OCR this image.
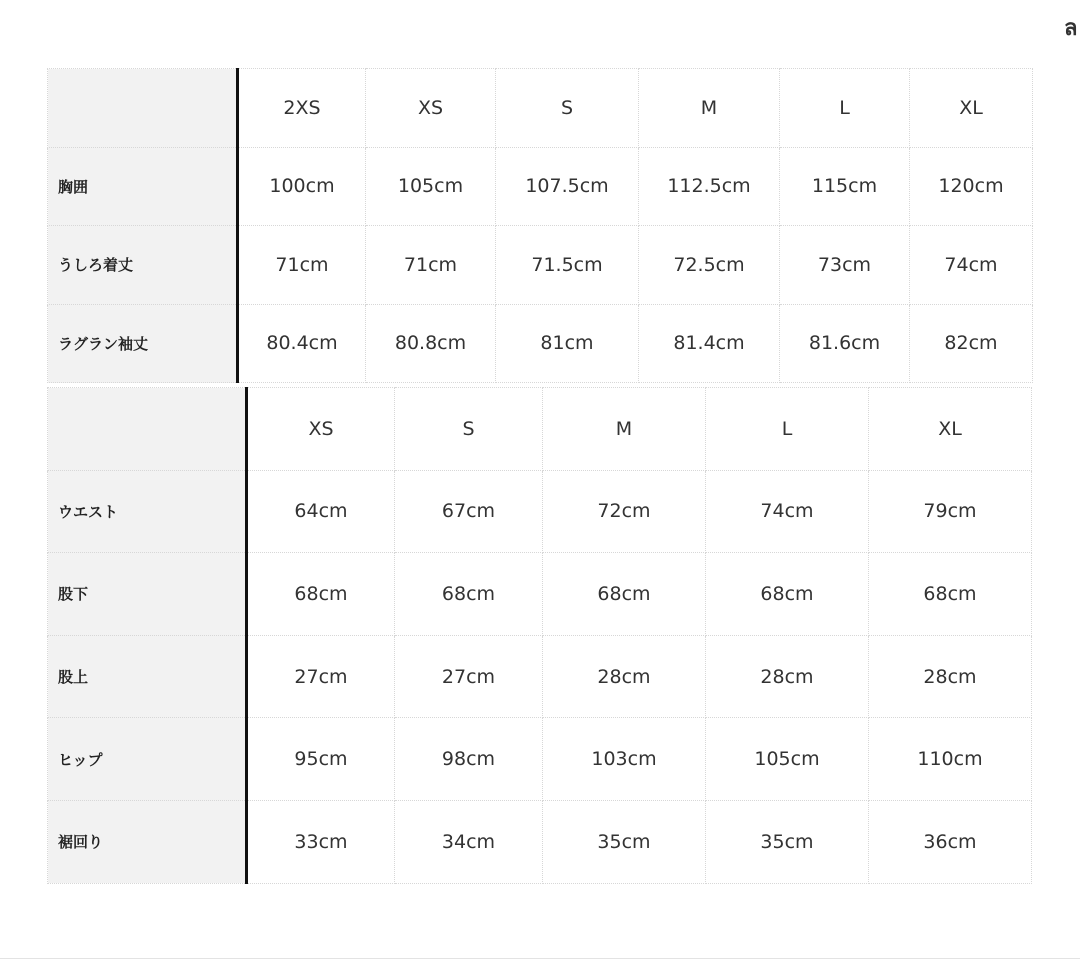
ล
	2XS	XS	S	M	L	XL
胸囲	100cm	105cm	107.5cm	112.5cm	115cm	120cm
うしろ着丈	71cm	71cm	71.5cm	72.5cm	73cm	74cm
ラグラン袖丈	80.4cm	80.8cm	81cm	81.4cm	81.6cm	82cm
	XS	S	M	L	XL
ウエスト	64cm	67cm	72cm	74cm	79cm
股下	68cm	68cm	68cm	68cm	68cm
股上	27cm	27cm	28cm	28cm	28cm
ヒップ	95cm	98cm	103cm	105cm	110cm
裾回り	33cm	34cm	35cm	35cm	36cm
